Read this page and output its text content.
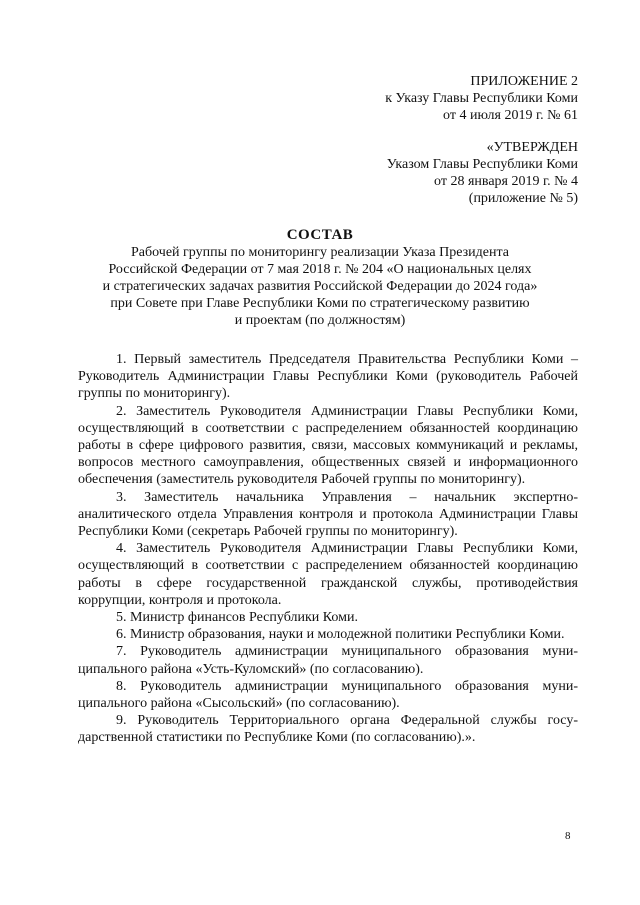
ПРИЛОЖЕНИЕ 2
к Указу Главы Республики Коми
от 4 июля 2019 г. № 61
«УТВЕРЖДЕН
Указом Главы Республики Коми
от 28 января 2019 г. № 4
(приложение № 5)
СОСТАВ
Рабочей группы по мониторингу реализации Указа Президента
Российской Федерации от 7 мая 2018 г. № 204 «О национальных целях
и стратегических задачах развития Российской Федерации до 2024 года»
при Совете при Главе Республики Коми по стратегическому развитию
и проектам (по должностям)

1. Первый заместитель Председателя Правительства Республики Коми – Руководитель Администрации Главы Республики Коми (руководитель Рабочей группы по мониторингу).

2. Заместитель Руководителя Администрации Главы Республики Коми, осуществляющий в соответствии с распределением обязанностей координацию работы в сфере цифрового развития, связи, массовых коммуникаций и рекламы, вопросов местного самоуправления, общественных связей и информационного обеспечения (заместитель руководителя Рабочей группы по мониторингу).

3. Заместитель начальника Управления – начальник экспертно-аналитического отдела Управления контроля и протокола Администрации Главы Республики Коми (секретарь Рабочей группы по мониторингу).

4. Заместитель Руководителя Администрации Главы Республики Коми, осуществляющий в соответствии с распределением обязанностей координацию работы в сфере государственной гражданской службы, противодействия коррупции, контроля и протокола.

5. Министр финансов Республики Коми.

6. Министр образования, науки и молодежной политики Республики Коми.

7. Руководитель администрации муниципального образования муниципального района «Усть-Куломский» (по согласованию).

8. Руководитель администрации муниципального образования муниципального района «Сысольский» (по согласованию).

9. Руководитель Территориального органа Федеральной службы государственной статистики по Республике Коми (по согласованию).».

8
